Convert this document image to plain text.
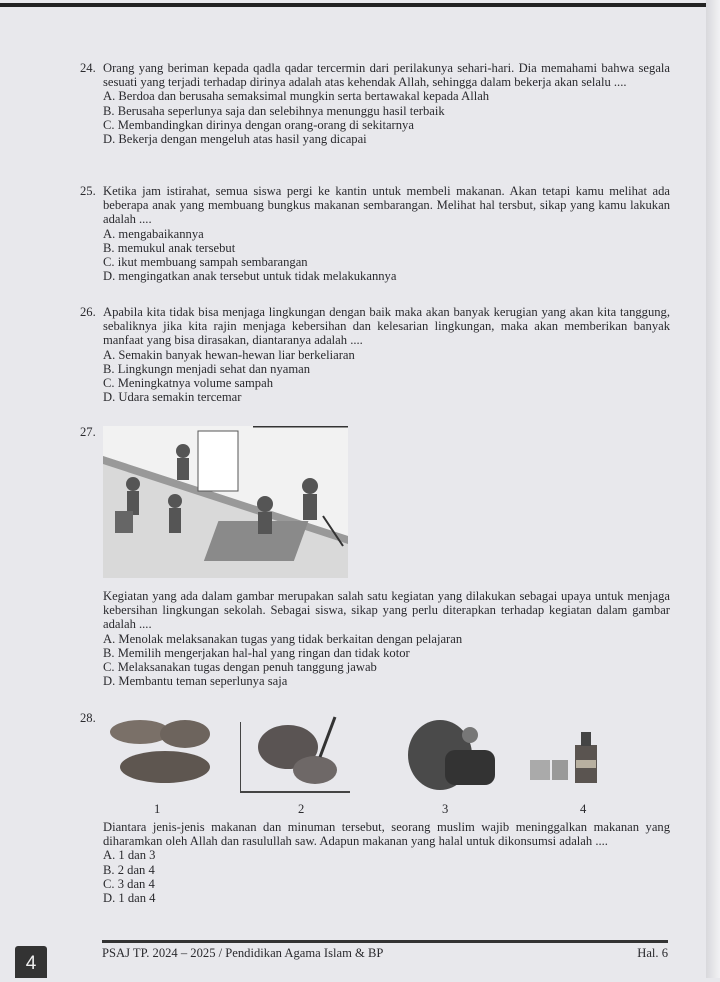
24. Orang yang beriman kepada qadla qadar tercermin dari perilakunya sehari-hari. Dia memahami bahwa segala sesuati yang terjadi terhadap dirinya adalah atas kehendak Allah, sehingga dalam bekerja akan selalu ....
A. Berdoa dan berusaha semaksimal mungkin serta bertawakal kepada Allah
B. Berusaha seperlunya saja dan selebihnya menunggu hasil terbaik
C. Membandingkan dirinya dengan orang-orang di sekitarnya
D. Bekerja dengan mengeluh atas hasil yang dicapai
25. Ketika jam istirahat, semua siswa pergi ke kantin untuk membeli makanan. Akan tetapi kamu melihat ada beberapa anak yang membuang bungkus makanan sembarangan. Melihat hal tersbut, sikap yang kamu lakukan adalah ....
A. mengabaikannya
B. memukul anak tersebut
C. ikut membuang sampah sembarangan
D. mengingatkan anak tersebut untuk tidak melakukannya
26. Apabila kita tidak bisa menjaga lingkungan dengan baik maka akan banyak kerugian yang akan kita tanggung, sebaliknya jika kita rajin menjaga kebersihan dan kelesarian lingkungan, maka akan memberikan banyak manfaat yang bisa dirasakan, diantaranya adalah ....
A. Semakin banyak hewan-hewan liar berkeliaran
B. Lingkungn menjadi sehat dan nyaman
C. Meningkatnya volume sampah
D. Udara semakin tercemar
27.
Kegiatan yang ada dalam gambar merupakan salah satu kegiatan yang dilakukan sebagai upaya untuk menjaga kebersihan lingkungan sekolah. Sebagai siswa, sikap yang perlu diterapkan terhadap kegiatan dalam gambar adalah ....
A. Menolak melaksanakan tugas yang tidak berkaitan dengan pelajaran
B. Memilih mengerjakan hal-hal yang ringan dan tidak kotor
C. Melaksanakan tugas dengan penuh tanggung jawab
D. Membantu teman seperlunya saja
28.
1	2	3	4
Diantara jenis-jenis makanan dan minuman tersebut, seorang muslim wajib meninggalkan makanan yang diharamkan oleh Allah dan rasulullah saw. Adapun makanan yang halal untuk dikonsumsi adalah ....
A. 1 dan 3
B. 2 dan 4
C. 3 dan 4
D. 1 dan 4
PSAJ TP. 2024 – 2025 / Pendidikan Agama Islam & BP	Hal. 6
4
